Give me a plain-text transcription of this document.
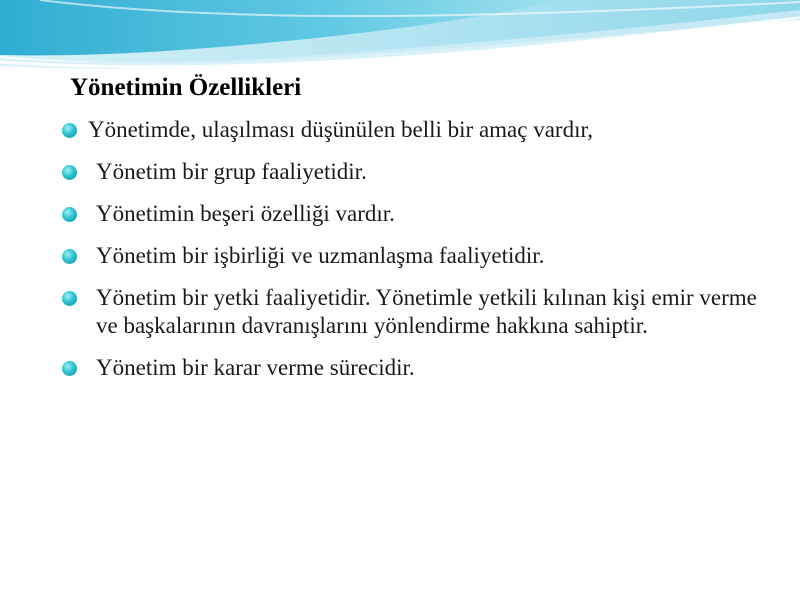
Yönetimin Özellikleri
Yönetimde, ulaşılması düşünülen belli bir amaç vardır,
Yönetim bir grup faaliyetidir.
Yönetimin beşeri özelliği vardır.
Yönetim bir işbirliği ve uzmanlaşma faaliyetidir.
Yönetim bir yetki faaliyetidir. Yönetimle yetkili kılınan kişi emir verme ve başkalarının davranışlarını yönlendirme hakkına sahiptir.
Yönetim bir karar verme sürecidir.
